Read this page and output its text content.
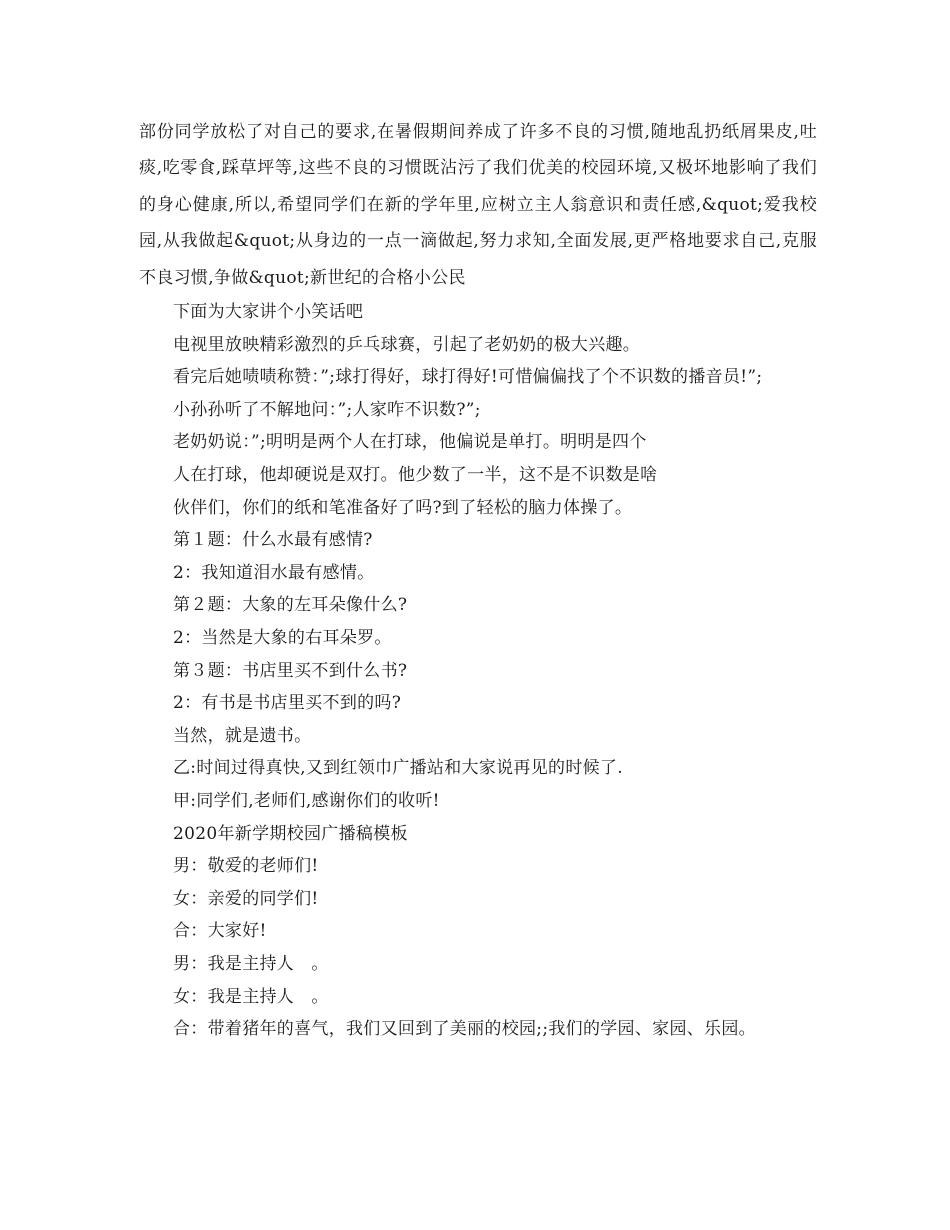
部份同学放松了对自己的要求,在暑假期间养成了许多不良的习惯,随地乱扔纸屑果皮,吐痰,吃零食,踩草坪等,这些不良的习惯既沾污了我们优美的校园环境,又极坏地影响了我们的身心健康,所以,希望同学们在新的学年里,应树立主人翁意识和责任感,&quot;爱我校园,从我做起&quot;从身边的一点一滴做起,努力求知,全面发展,更严格地要求自己,克服不良习惯,争做&quot;新世纪的合格小公民

下面为大家讲个小笑话吧

电视里放映精彩激烈的乒乓球赛，引起了老奶奶的极大兴趣。

看完后她啧啧称赞：”;球打得好，球打得好!可惜偏偏找了个不识数的播音员!”;

小孙孙听了不解地问：”;人家咋不识数?”;

老奶奶说：”;明明是两个人在打球，他偏说是单打。明明是四个

人在打球，他却硬说是双打。他少数了一半，这不是不识数是啥

伙伴们，你们的纸和笔准备好了吗?到了轻松的脑力体操了。

第１题：什么水最有感情?

2：我知道泪水最有感情。

第２题：大象的左耳朵像什么?

2：当然是大象的右耳朵罗。

第３题：书店里买不到什么书?

2：有书是书店里买不到的吗?

当然，就是遗书。

乙:时间过得真快,又到红领巾广播站和大家说再见的时候了.

甲:同学们,老师们,感谢你们的收听!

2020年新学期校园广播稿模板

男：敬爱的老师们!

女：亲爱的同学们!

合：大家好!

男：我是主持人　。

女：我是主持人　。

合：带着猪年的喜气，我们又回到了美丽的校园;;我们的学园、家园、乐园。
